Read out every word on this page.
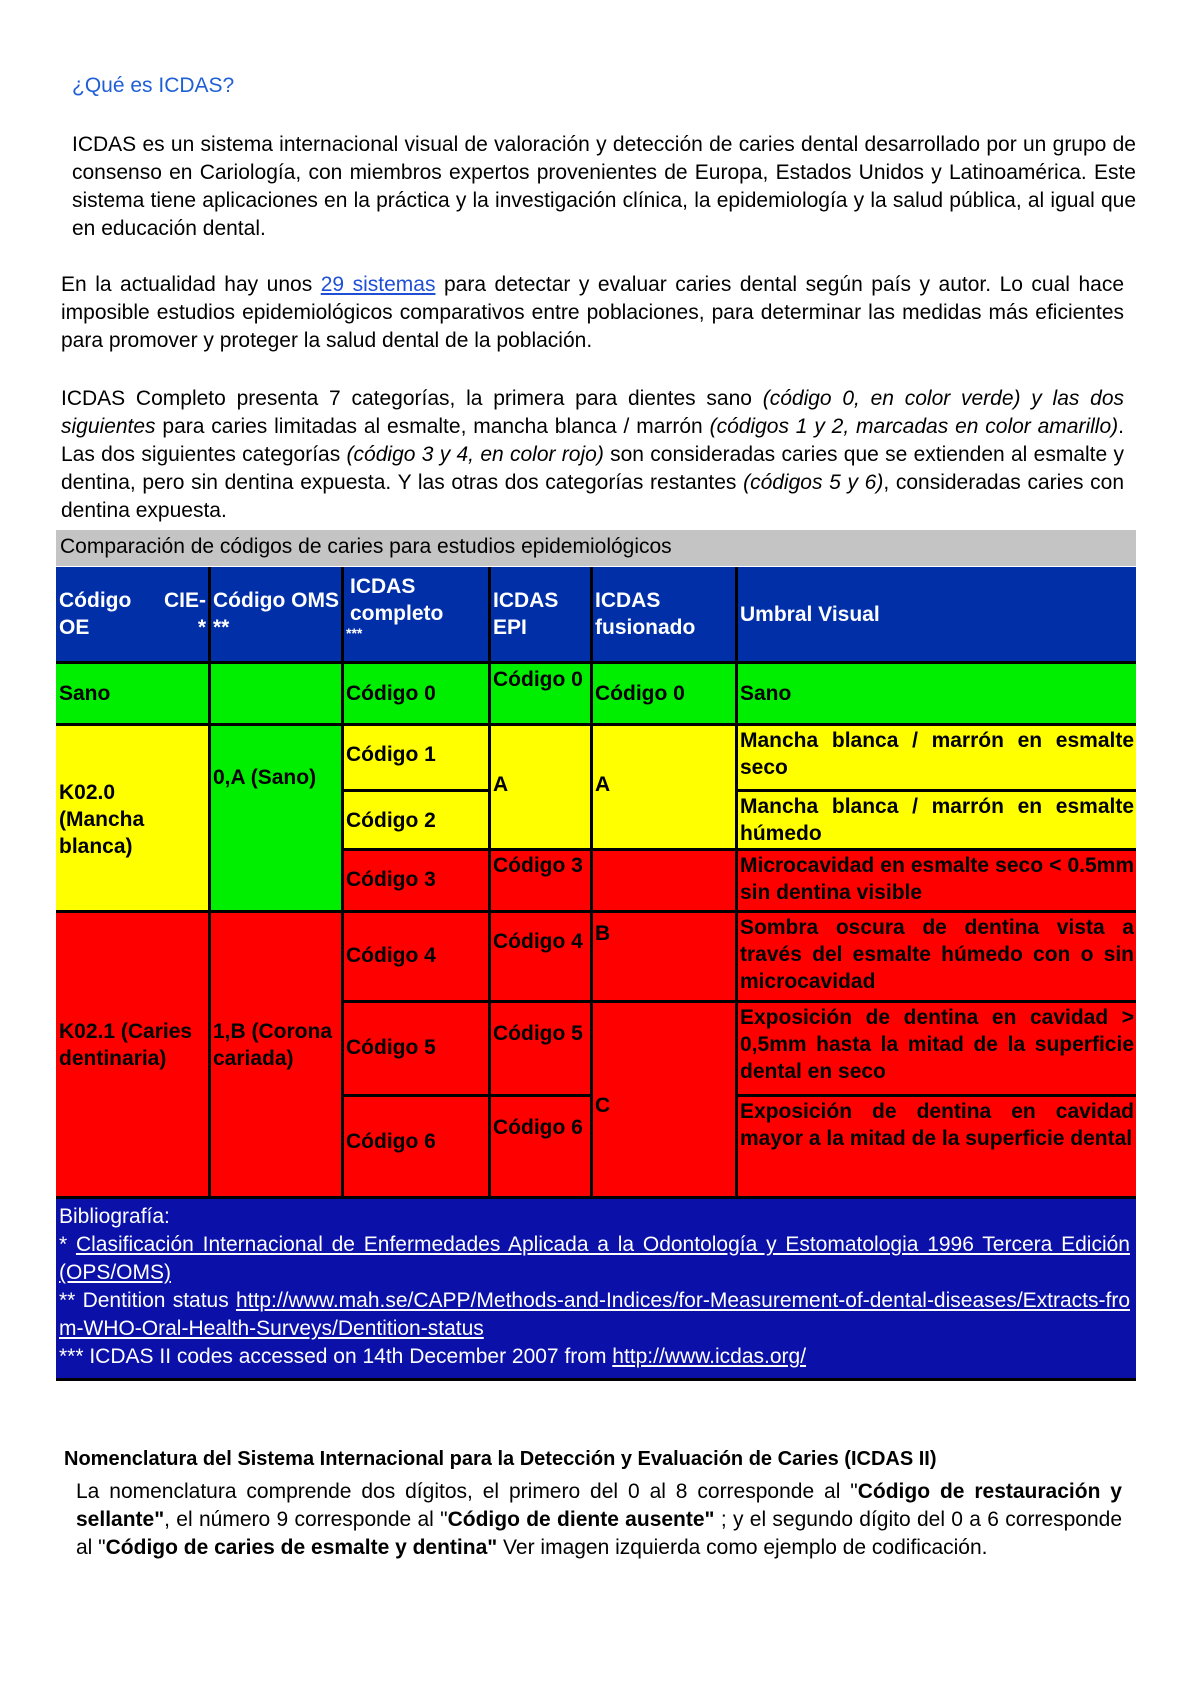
¿Qué es ICDAS?
ICDAS es un sistema internacional visual de valoración y detección de caries dental desarrollado por un grupo de consenso en Cariología, con miembros expertos provenientes de Europa, Estados Unidos y Latinoamérica. Este sistema tiene aplicaciones en la práctica y la investigación clínica, la epidemiología y la salud pública, al igual que en educación dental.
En la actualidad hay unos 29 sistemas para detectar y evaluar caries dental según país y autor. Lo cual hace imposible estudios epidemiológicos comparativos entre poblaciones, para determinar las medidas más eficientes para promover y proteger la salud dental de la población.
ICDAS Completo presenta 7 categorías, la primera para dientes sano (código 0, en color verde) y las dos siguientes para caries limitadas al esmalte, mancha blanca / marrón (códigos 1 y 2, marcadas en color amarillo). Las dos siguientes categorías (código 3 y 4, en color rojo) son consideradas caries que se extienden al esmalte y dentina, pero sin dentina expuesta. Y las otras dos categorías restantes (códigos 5 y 6), consideradas caries con dentina expuesta.
Comparación de códigos de caries para estudios epidemiológicos
Código CIE-OE *
Código OMS **
ICDAS completo
***
ICDAS EPI
ICDAS fusionado
Umbral Visual
Sano
K02.0 (Mancha blanca)
K02.1 (Caries dentinaria)
0,A (Sano)
1,B (Corona cariada)
Código 0
Código 1
Código 2
Código 3
Código 4
Código 5
Código 6
Código 0
A
Código 3
Código 4
Código 5
Código 6
Código 0
A
B
C
Sano
Mancha blanca / marrón en esmalte seco
Mancha blanca / marrón en esmalte húmedo
Microcavidad en esmalte seco < 0.5mm sin dentina visible
Sombra oscura de dentina vista a través del esmalte húmedo con o sin microcavidad
Exposición de dentina en cavidad > 0,5mm hasta la mitad de la superficie dental en seco
Exposición de dentina en cavidad mayor a la mitad de la superficie dental
Bibliografía:
* Clasificación Internacional de Enfermedades Aplicada a la Odontología y Estomatologia 1996 Tercera Edición (OPS/OMS)
** Dentition status http://www.mah.se/CAPP/Methods-and-Indices/for-Measurement-of-dental-diseases/Extracts-from-WHO-Oral-Health-Surveys/Dentition-status
*** ICDAS II codes accessed on 14th December 2007 from http://www.icdas.org/
Nomenclatura del Sistema Internacional para la Detección y Evaluación de Caries (ICDAS II)
La nomenclatura comprende dos dígitos, el primero del 0 al 8 corresponde al "Código de restauración y sellante", el número 9 corresponde al "Código de diente ausente" ; y el segundo dígito del 0 a 6 corresponde al "Código de caries de esmalte y dentina" Ver imagen izquierda como ejemplo de codificación.
